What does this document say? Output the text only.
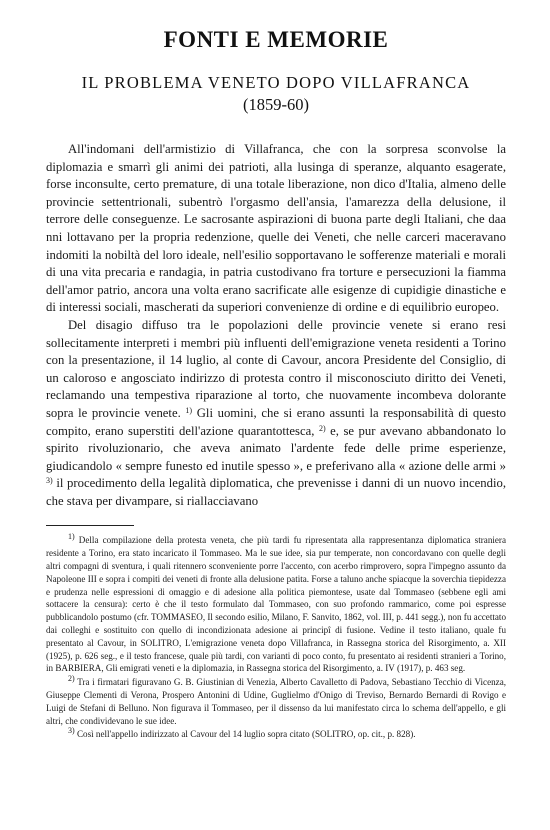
FONTI E MEMORIE
IL PROBLEMA VENETO DOPO VILLAFRANCA
(1859-60)

All'indomani dell'armistizio di Villafranca, che con la sorpresa sconvolse la diplomazia e smarrì gli animi dei patrioti, alla lusinga di speranze, alquanto esagerate, forse inconsulte, certo premature, di una totale liberazione, non dico d'Italia, almeno delle provincie settentrionali, subentrò l'orgasmo dell'ansia, l'amarezza della delusione, il terrore delle conseguenze. Le sacrosante aspirazioni di buona parte degli Italiani, che daa nni lottavano per la propria redenzione, quelle dei Veneti, che nelle carceri maceravano indomiti la nobiltà del loro ideale, nell'esilio sopportavano le sofferenze materiali e morali di una vita precaria e randagia, in patria custodivano fra torture e persecuzioni la fiamma dell'amor patrio, ancora una volta erano sacrificate alle esigenze di cupidigie dinastiche e di interessi sociali, mascherati da superiori convenienze di ordine e di equilibrio europeo.

Del disagio diffuso tra le popolazioni delle provincie venete si erano resi sollecitamente interpreti i membri più influenti dell'emigrazione veneta residenti a Torino con la presentazione, il 14 luglio, al conte di Cavour, ancora Presidente del Consiglio, di un caloroso e angosciato indirizzo di protesta contro il misconosciuto diritto dei Veneti, reclamando una tempestiva riparazione al torto, che nuovamente incombeva dolorante sopra le provincie venete. $^{1)}$ Gli uomini, che si erano assunti la responsabilità di questo compito, erano superstiti dell'azione quarantottesca, $^{2)}$ e, se pur avevano abbandonato lo spirito rivoluzionario, che aveva animato l'ardente fede delle prime esperienze, giudicandolo « sempre funesto ed inutile spesso », e preferivano alla « azione delle armi » $^{3)}$ il procedimento della legalità diplomatica, che prevenisse i danni di un nuovo incendio, che stava per divampare, si riallacciavano

$^{1)}$ Della compilazione della protesta veneta, che più tardi fu ripresentata alla rappresentanza diplomatica straniera residente a Torino, era stato incaricato il Tommaseo. Ma le sue idee, sia pur temperate, non concordavano con quelle degli altri compagni di sventura, i quali ritennero sconveniente porre l'accento, con acerbo rimprovero, sopra l'impegno assunto da Napoleone III e sopra i compiti dei veneti di fronte alla delusione patita. Forse a taluno anche spiacque la soverchia tiepidezza e prudenza nelle espressioni di omaggio e di adesione alla politica piemontese, usate dal Tommaseo (sebbene egli ami sottacere la censura): certo è che il testo formulato dal Tommaseo, con suo profondo rammarico, come poi espresse pubblicandolo postumo (cfr. TOMMASEO, Il secondo esilio, Milano, F. Sanvito, 1862, vol. III, p. 441 segg.), non fu accettato dai colleghi e sostituito con quello di incondizionata adesione ai principî di fusione. Vedine il testo italiano, quale fu presentato al Cavour, in SOLITRO, L'emigrazione veneta dopo Villafranca, in Rassegna storica del Risorgimento, a. XII (1925), p. 626 seg., e il testo francese, quale più tardi, con varianti di poco conto, fu presentato ai residenti stranieri a Torino, in BARBIERA, Gli emigrati veneti e la diplomazia, in Rassegna storica del Risorgimento, a. IV (1917), p. 463 seg.

$^{2)}$ Tra i firmatari figuravano G. B. Giustinian di Venezia, Alberto Cavalletto di Padova, Sebastiano Tecchio di Vicenza, Giuseppe Clementi di Verona, Prospero Antonini di Udine, Guglielmo d'Onigo di Treviso, Bernardo Bernardi di Rovigo e Luigi de Stefani di Belluno. Non figurava il Tommaseo, per il dissenso da lui manifestato circa lo schema dell'appello, e gli altri, che condividevano le sue idee.

$^{3)}$ Così nell'appello indirizzato al Cavour del 14 luglio sopra citato (SOLITRO, op. cit., p. 828).
